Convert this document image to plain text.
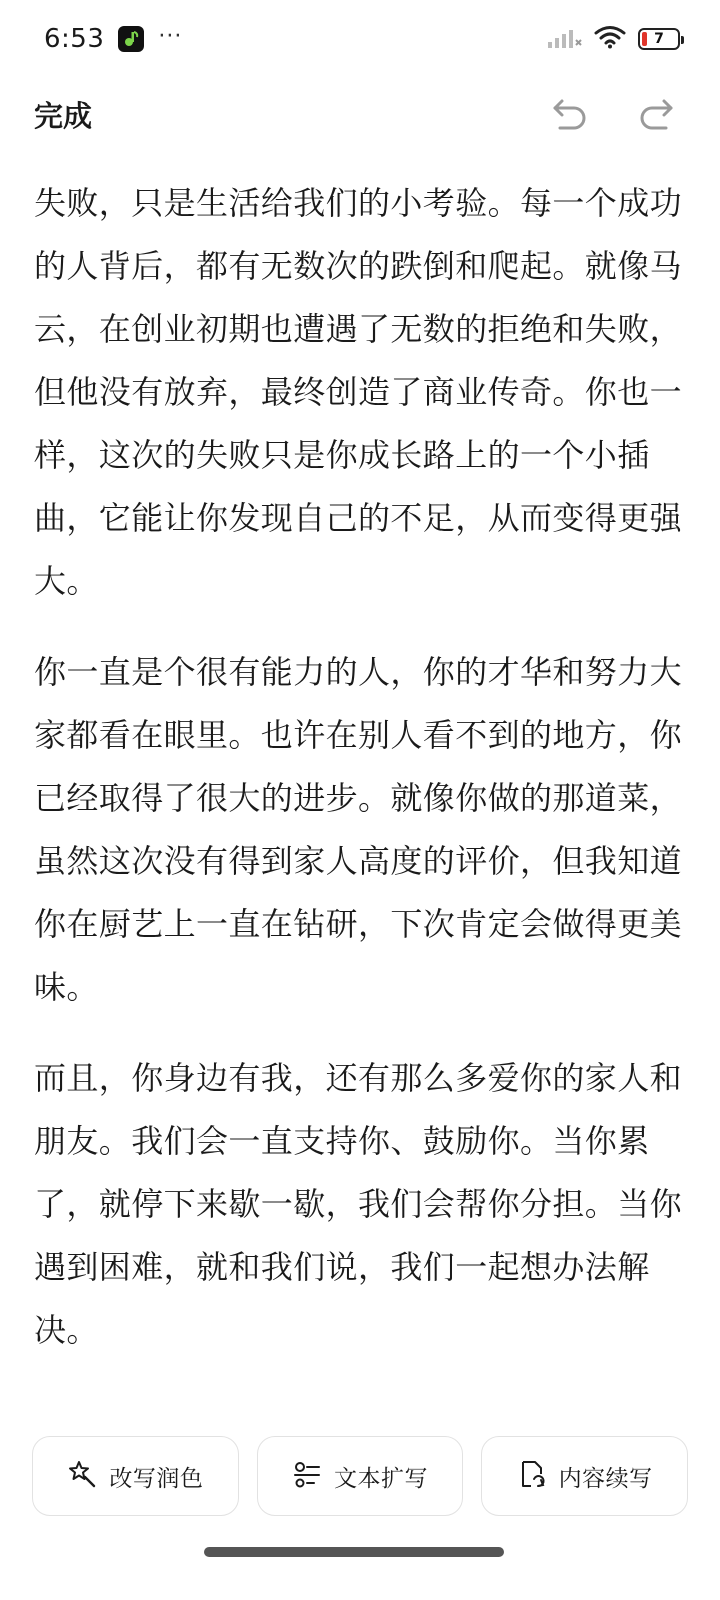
6:53 ···	7
完成

失败，只是生活给我们的小考验。每一个成功的人背后，都有无数次的跌倒和爬起。就像马云，在创业初期也遭遇了无数的拒绝和失败，但他没有放弃，最终创造了商业传奇。你也一样，这次的失败只是你成长路上的一个小插曲，它能让你发现自己的不足，从而变得更强大。

你一直是个很有能力的人，你的才华和努力大家都看在眼里。也许在别人看不到的地方，你已经取得了很大的进步。就像你做的那道菜，虽然这次没有得到家人高度的评价，但我知道你在厨艺上一直在钻研，下次肯定会做得更美味。

而且，你身边有我，还有那么多爱你的家人和朋友。我们会一直支持你、鼓励你。当你累了，就停下来歇一歇，我们会帮你分担。当你遇到困难，就和我们说，我们一起想办法解决。

改写润色	文本扩写	内容续写
